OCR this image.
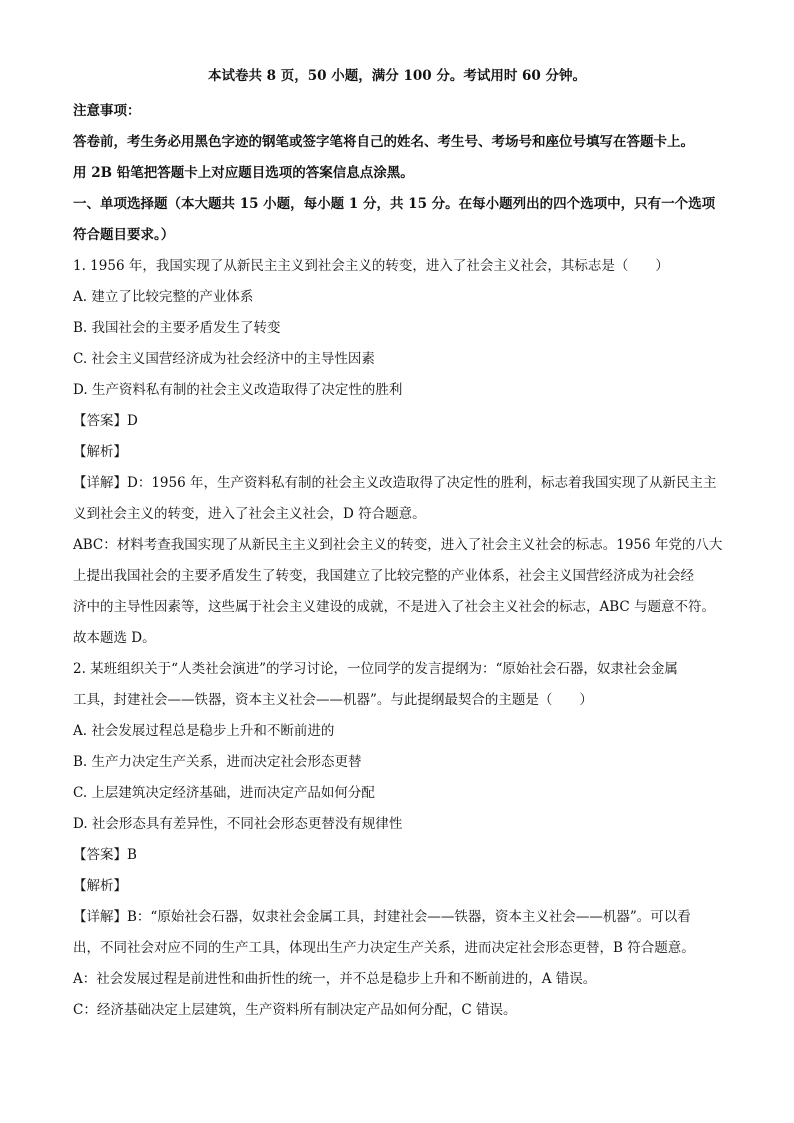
本试卷共 8 页，50 小题，满分 100 分。考试用时 60 分钟。
注意事项：
答卷前，考生务必用黑色字迹的钢笔或签字笔将自己的姓名、考生号、考场号和座位号填写在答题卡上。
用 2B 铅笔把答题卡上对应题目选项的答案信息点涂黑。
一、单项选择题（本大题共 15 小题，每小题 1 分，共 15 分。在每小题列出的四个选项中，只有一个选项
符合题目要求。）
1. 1956 年，我国实现了从新民主主义到社会主义的转变，进入了社会主义社会，其标志是（　　）
A. 建立了比较完整的产业体系
B. 我国社会的主要矛盾发生了转变
C. 社会主义国营经济成为社会经济中的主导性因素
D. 生产资料私有制的社会主义改造取得了决定性的胜利
【答案】D
【解析】
【详解】D：1956 年，生产资料私有制的社会主义改造取得了决定性的胜利，标志着我国实现了从新民主主
义到社会主义的转变，进入了社会主义社会，D 符合题意。
ABC：材料考查我国实现了从新民主主义到社会主义的转变，进入了社会主义社会的标志。1956 年党的八大
上提出我国社会的主要矛盾发生了转变，我国建立了比较完整的产业体系，社会主义国营经济成为社会经
济中的主导性因素等，这些属于社会主义建设的成就，不是进入了社会主义社会的标志，ABC 与题意不符。
故本题选 D。
2. 某班组织关于“人类社会演进”的学习讨论，一位同学的发言提纲为：“原始社会石器，奴隶社会金属
工具，封建社会——铁器，资本主义社会——机器”。与此提纲最契合的主题是（　　）
A. 社会发展过程总是稳步上升和不断前进的
B. 生产力决定生产关系，进而决定社会形态更替
C. 上层建筑决定经济基础，进而决定产品如何分配
D. 社会形态具有差异性，不同社会形态更替没有规律性
【答案】B
【解析】
【详解】B：“原始社会石器，奴隶社会金属工具，封建社会——铁器，资本主义社会——机器”。可以看
出，不同社会对应不同的生产工具，体现出生产力决定生产关系，进而决定社会形态更替，B 符合题意。
A：社会发展过程是前进性和曲折性的统一，并不总是稳步上升和不断前进的，A 错误。
C：经济基础决定上层建筑，生产资料所有制决定产品如何分配，C 错误。
